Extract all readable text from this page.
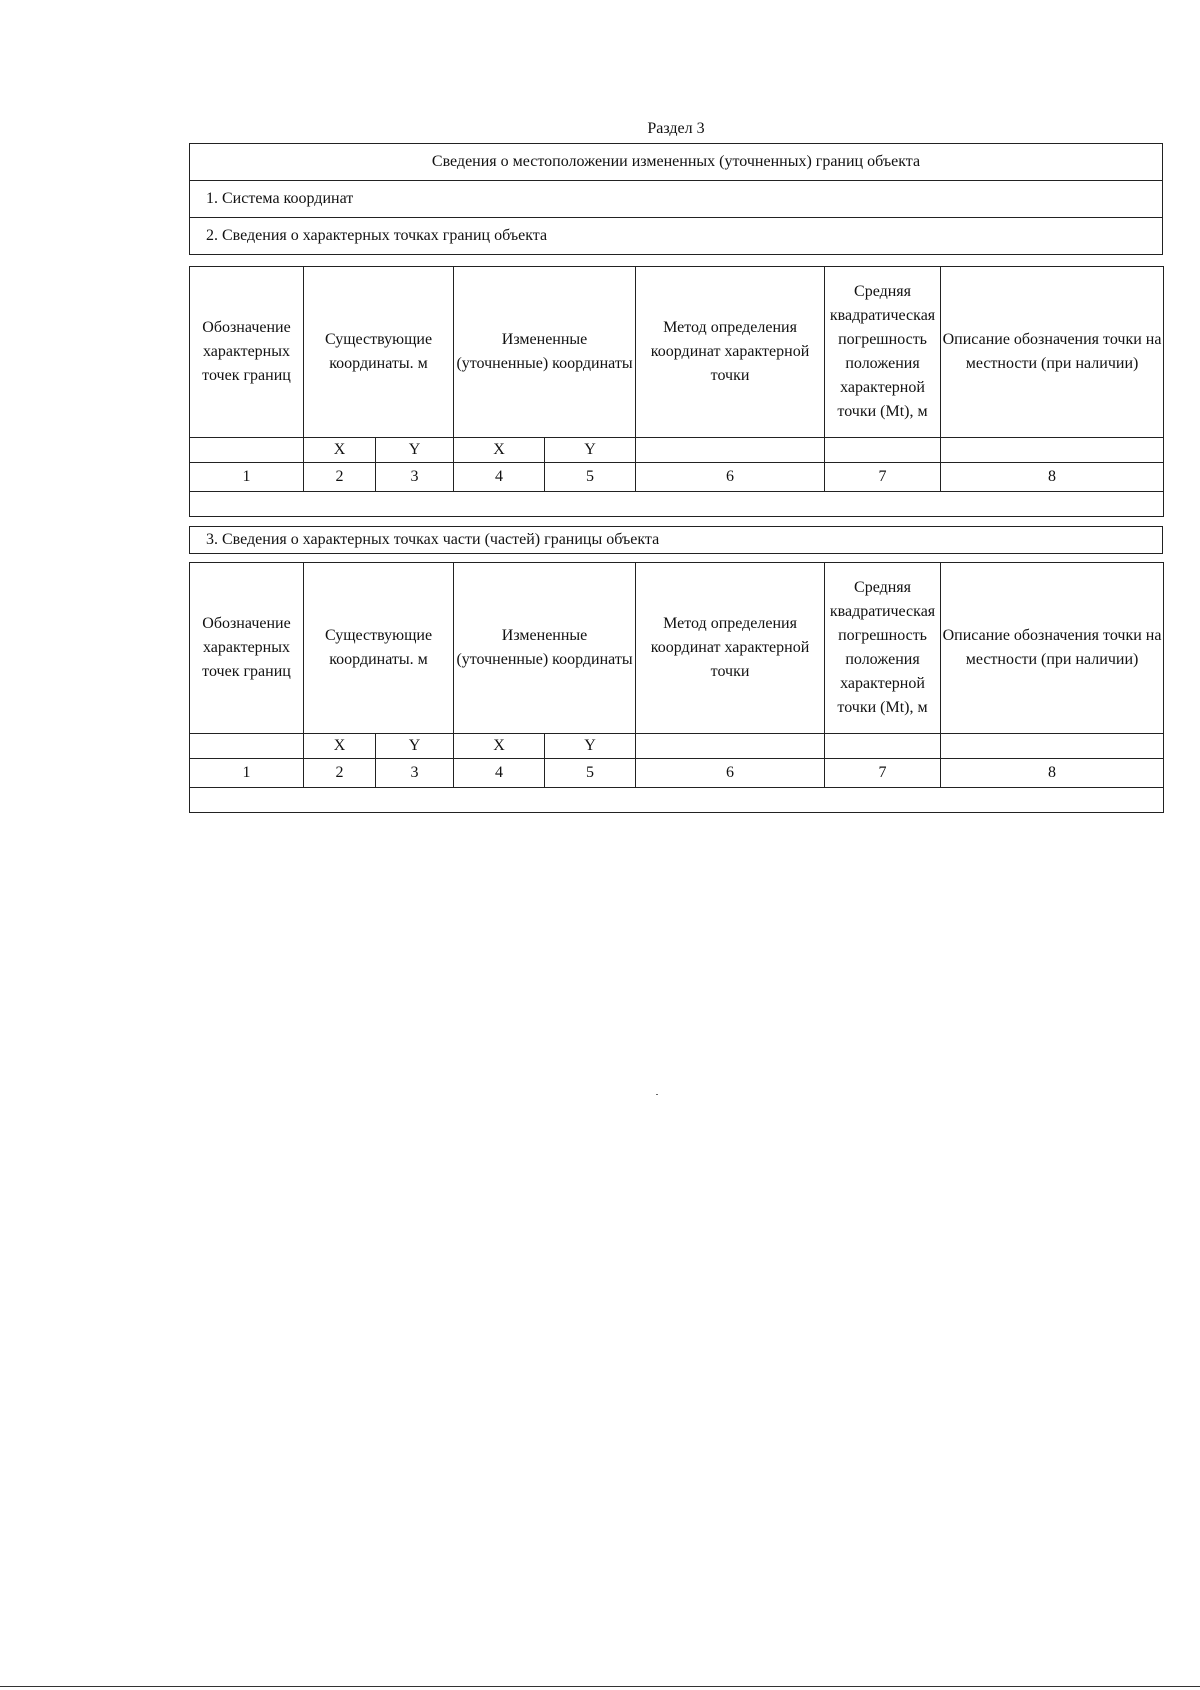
Раздел 3
Сведения о местоположении измененных (уточненных) границ объекта
1. Система координат
2. Сведения о характерных точках границ объекта
Обозначение характерных точек границ	Существующие координаты. м		Измененные (уточненные) координаты		Метод определения координат характерной точки	Средняя квадратическая погрешность положения характерной точки (Mt), м	Описание обозначения точки на местности (при наличии)
	X	Y	X	Y			
1	2	3	4	5	6	7	8

3. Сведения о характерных точках части (частей) границы объекта
Обозначение характерных точек границ	Существующие координаты. м		Измененные (уточненные) координаты		Метод определения координат характерной точки	Средняя квадратическая погрешность положения характерной точки (Mt), м	Описание обозначения точки на местности (при наличии)
	X	Y	X	Y			
1	2	3	4	5	6	7	8
